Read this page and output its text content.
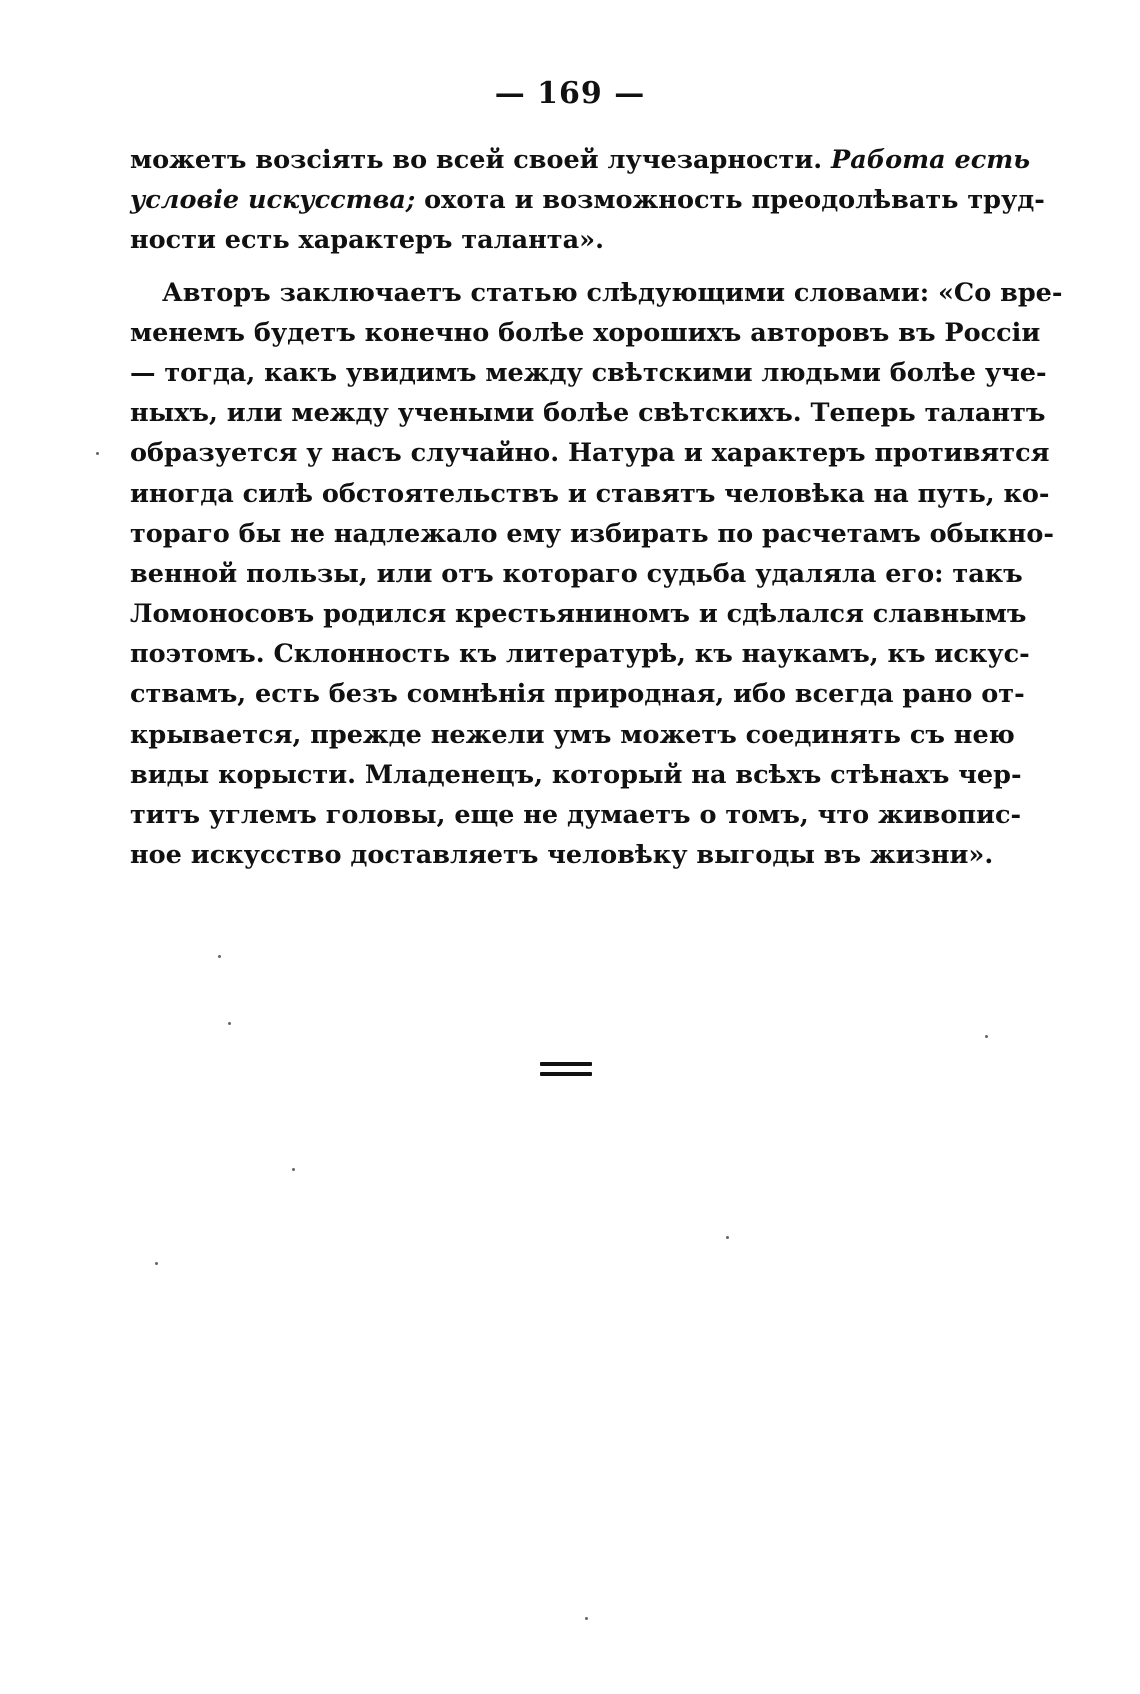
— 169 —
можетъ возсіять во всей своей лучезарности. Работа есть
условіе искусства; охота и возможность преодолѣвать труд-
ности есть характеръ таланта».
Авторъ заключаетъ статью слѣдующими словами: «Со вре-
менемъ будетъ конечно болѣе хорошихъ авторовъ въ Россіи
— тогда, какъ увидимъ между свѣтскими людьми болѣе уче-
ныхъ, или между учеными болѣе свѣтскихъ. Теперь талантъ
образуется у насъ случайно. Натура и характеръ противятся
иногда силѣ обстоятельствъ и ставятъ человѣка на путь, ко-
тораго бы не надлежало ему избирать по расчетамъ обыкно-
венной пользы, или отъ котораго судьба удаляла его: такъ
Ломоносовъ родился крестьяниномъ и сдѣлался славнымъ
поэтомъ. Склонность къ литературѣ, къ наукамъ, къ искус-
ствамъ, есть безъ сомнѣнія природная, ибо всегда рано от-
крывается, прежде нежели умъ можетъ соединять съ нею
виды корысти. Младенецъ, который на всѣхъ стѣнахъ чер-
титъ углемъ головы, еще не думаетъ о томъ, что живопис-
ное искусство доставляетъ человѣку выгоды въ жизни».
